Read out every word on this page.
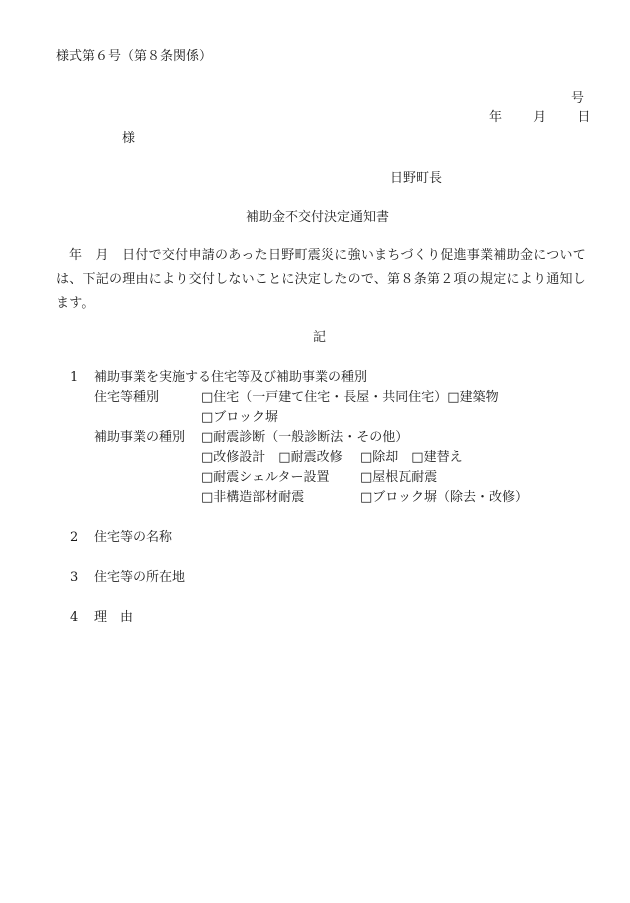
様式第６号（第８条関係）
号
年 月 日
様
日野町長
補助金不交付決定通知書
年　月　日付で交付申請のあった日野町震災に強いまちづくり促進事業補助金については、下記の理由により交付しないことに決定したので、第８条第２項の規定により通知します。
記
1 補助事業を実施する住宅等及び補助事業の種別
住宅等種別	□住宅（一戸建て住宅・長屋・共同住宅）□建築物
□ブロック塀
補助事業の種別 □耐震診断（一般診断法・その他）
□改修設計　□耐震改修 □除却　□建替え
□耐震シェルター設置 □屋根瓦耐震
□非構造部材耐震	□ブロック塀（除去・改修）
2 住宅等の名称
3 住宅等の所在地
4 理　由
